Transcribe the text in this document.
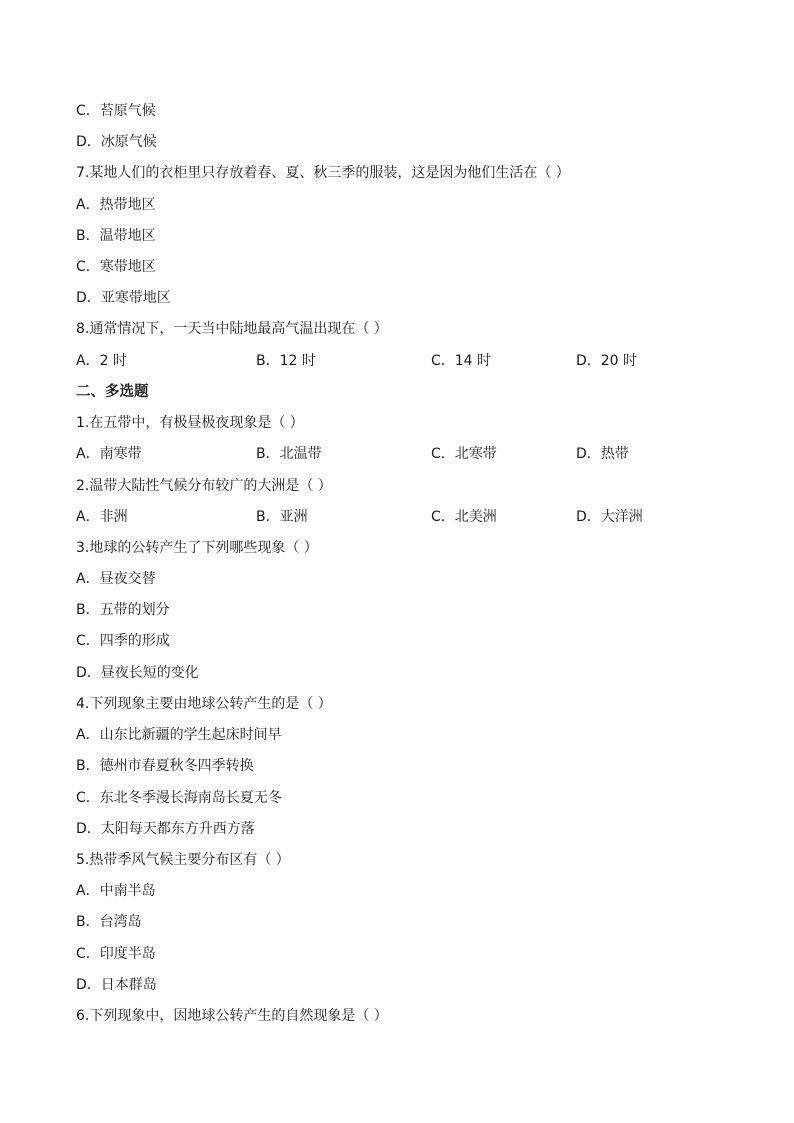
C．苔原气候
D．冰原气候
7.某地人们的衣柜里只存放着春、夏、秋三季的服装，这是因为他们生活在（ ）
A．热带地区
B．温带地区
C．寒带地区
D．亚寒带地区
8.通常情况下，一天当中陆地最高气温出现在（ ）
A．2 时	B．12 时	C．14 时	D．20 时
二、多选题
1.在五带中，有极昼极夜现象是（ ）
A．南寒带	B．北温带	C．北寒带	D．热带
2.温带大陆性气候分布较广的大洲是（ ）
A．非洲	B．亚洲	C．北美洲	D．大洋洲
3.地球的公转产生了下列哪些现象（ ）
A．昼夜交替
B．五带的划分
C．四季的形成
D．昼夜长短的变化
4.下列现象主要由地球公转产生的是（ ）
A．山东比新疆的学生起床时间早
B．德州市春夏秋冬四季转换
C．东北冬季漫长海南岛长夏无冬
D．太阳每天都东方升西方落
5.热带季风气候主要分布区有（ ）
A．中南半岛
B．台湾岛
C．印度半岛
D．日本群岛
6.下列现象中，因地球公转产生的自然现象是（ ）
